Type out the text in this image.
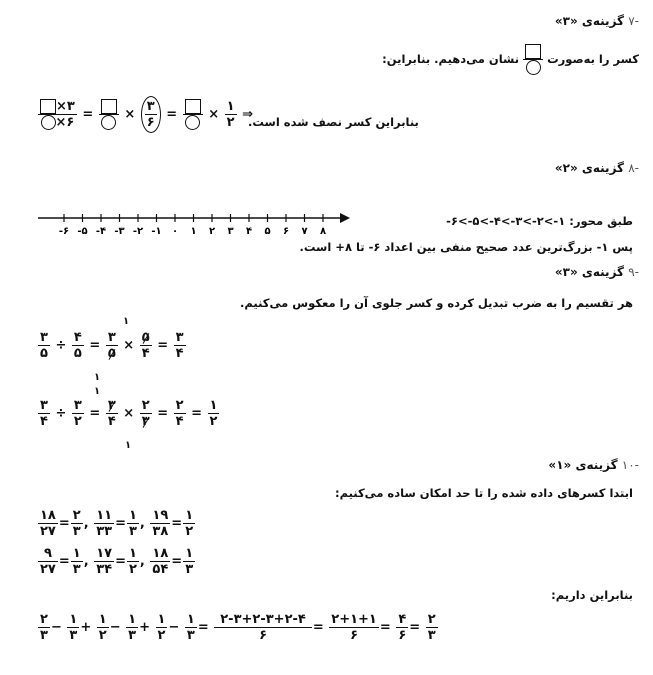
-۷ گزینه‌ی «۳»
کسر را به‌صورت
نشان می‌دهیم. بنابراین:
$\frac{\times ۳}{\times ۶}$ = × $\frac{۳}{۶}$ = × $\frac{۱}{۲}$ ⇒
بنابراین کسر نصف شده است.
-۸ گزینه‌ی «۲»
-۶ -۵ -۴ -۳ -۲ -۱ ۰ ۱ ۲ ۳ ۴ ۵ ۶ ۷ ۸
طبق محور: ۱->۲->۳->۴->۵->۶-
پس ۱- بزرگ‌ترین عدد صحیح منفی بین اعداد ۶- تا ۸+ است.
-۹ گزینه‌ی «۳»
هر تقسیم را به ضرب تبدیل کرده و کسر جلوی آن را معکوس می‌کنیم.
$\frac{۳}{۵} \div \frac{۴}{۵} = \frac{۳}{۵} \times \frac{۵}{۴} = \frac{۳}{۴}$
۱
۱
$\frac{۳}{۴} \div \frac{۳}{۲} = \frac{۳}{۴} \times \frac{۲}{۳} = \frac{۲}{۴} = \frac{۱}{۲}$
۱
۱
-۱۰ گزینه‌ی «۱»
ابتدا کسرهای داده شده را تا حد امکان ساده می‌کنیم:
$\frac{۱۸}{۲۷} = \frac{۲}{۳}$ , $\frac{۱۱}{۳۳} = \frac{۱}{۳}$ , $\frac{۱۹}{۳۸} = \frac{۱}{۲}$
$\frac{۹}{۲۷} = \frac{۱}{۳}$ , $\frac{۱۷}{۳۴} = \frac{۱}{۲}$ , $\frac{۱۸}{۵۴} = \frac{۱}{۳}$
بنابراین داریم:
$\frac{۲}{۳} - \frac{۱}{۳} + \frac{۱}{۲} - \frac{۱}{۳} + \frac{۱}{۲} - \frac{۱}{۳} = \frac{۲-۳+۲-۳+۲-۴}{۶} = \frac{۲+۱+۱}{۶} = \frac{۴}{۶} = \frac{۲}{۳}$
